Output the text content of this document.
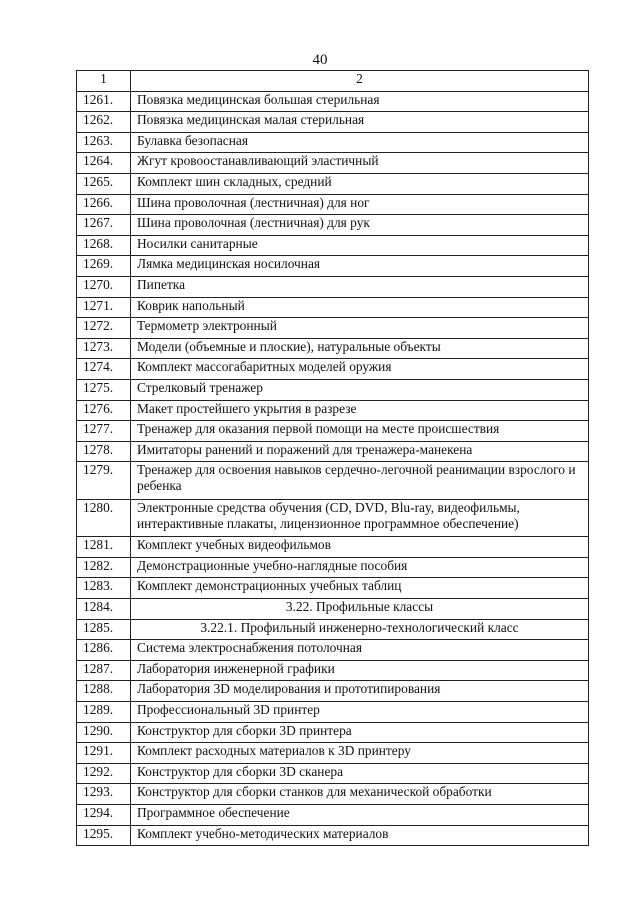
40
1	2
1261.	Повязка медицинская большая стерильная
1262.	Повязка медицинская малая стерильная
1263.	Булавка безопасная
1264.	Жгут кровоостанавливающий эластичный
1265.	Комплект шин складных, средний
1266.	Шина проволочная (лестничная) для ног
1267.	Шина проволочная (лестничная) для рук
1268.	Носилки санитарные
1269.	Лямка медицинская носилочная
1270.	Пипетка
1271.	Коврик напольный
1272.	Термометр электронный
1273.	Модели (объемные и плоские), натуральные объекты
1274.	Комплект массогабаритных моделей оружия
1275.	Стрелковый тренажер
1276.	Макет простейшего укрытия в разрезе
1277.	Тренажер для оказания первой помощи на месте происшествия
1278.	Имитаторы ранений и поражений для тренажера-манекена
1279.	Тренажер для освоения навыков сердечно-легочной реанимации взрослого и ребенка
1280.	Электронные средства обучения (CD, DVD, Blu-ray, видеофильмы, интерактивные плакаты, лицензионное программное обеспечение)
1281.	Комплект учебных видеофильмов
1282.	Демонстрационные учебно-наглядные пособия
1283.	Комплект демонстрационных учебных таблиц
1284.	3.22. Профильные классы
1285.	3.22.1. Профильный инженерно-технологический класс
1286.	Система электроснабжения потолочная
1287.	Лаборатория инженерной графики
1288.	Лаборатория 3D моделирования и прототипирования
1289.	Профессиональный 3D принтер
1290.	Конструктор для сборки 3D принтера
1291.	Комплект расходных материалов к 3D принтеру
1292.	Конструктор для сборки 3D сканера
1293.	Конструктор для сборки станков для механической обработки
1294.	Программное обеспечение
1295.	Комплект учебно-методических материалов
